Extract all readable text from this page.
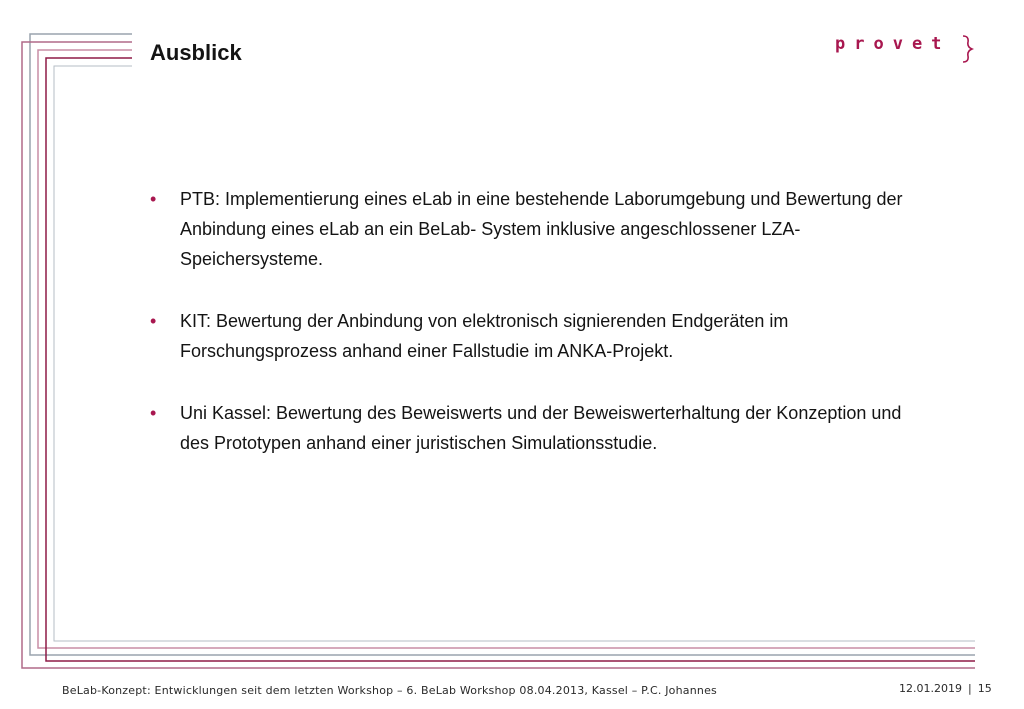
Ausblick	provet
• PTB: Implementierung eines eLab in eine bestehende Laborumgebung und Bewertung der Anbindung eines eLab an ein BeLab- System inklusive angeschlossener LZA-Speichersysteme.
• KIT: Bewertung der Anbindung von elektronisch signierenden Endgeräten im Forschungsprozess anhand einer Fallstudie im ANKA-Projekt.
• Uni Kassel: Bewertung des Beweiswerts und der Beweiswerterhaltung der Konzeption und des Prototypen anhand einer juristischen Simulationsstudie.
BeLab-Konzept: Entwicklungen seit dem letzten Workshop – 6. BeLab Workshop 08.04.2013, Kassel – P.C. Johannes	12.01.2019 | 15
